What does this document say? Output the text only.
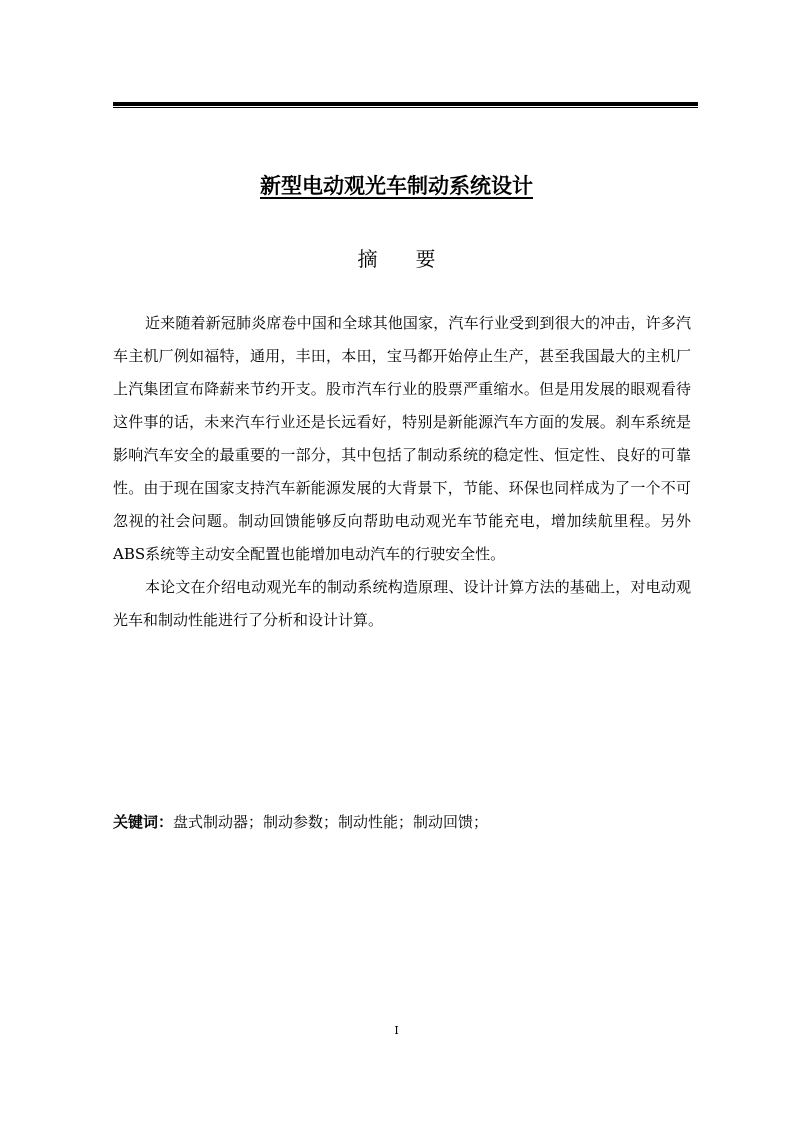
新型电动观光车制动系统设计
摘要

近来随着新冠肺炎席卷中国和全球其他国家，汽车行业受到到很大的冲击，许多汽车主机厂例如福特，通用，丰田，本田，宝马都开始停止生产，甚至我国最大的主机厂上汽集团宣布降薪来节约开支。股市汽车行业的股票严重缩水。但是用发展的眼观看待这件事的话，未来汽车行业还是长远看好，特别是新能源汽车方面的发展。刹车系统是影响汽车安全的最重要的一部分，其中包括了制动系统的稳定性、恒定性、良好的可靠性。由于现在国家支持汽车新能源发展的大背景下，节能、环保也同样成为了一个不可忽视的社会问题。制动回馈能够反向帮助电动观光车节能充电，增加续航里程。另外ABS系统等主动安全配置也能增加电动汽车的行驶安全性。

本论文在介绍电动观光车的制动系统构造原理、设计计算方法的基础上，对电动观光车和制动性能进行了分析和设计计算。

关键词：盘式制动器；制动参数；制动性能；制动回馈；
I
